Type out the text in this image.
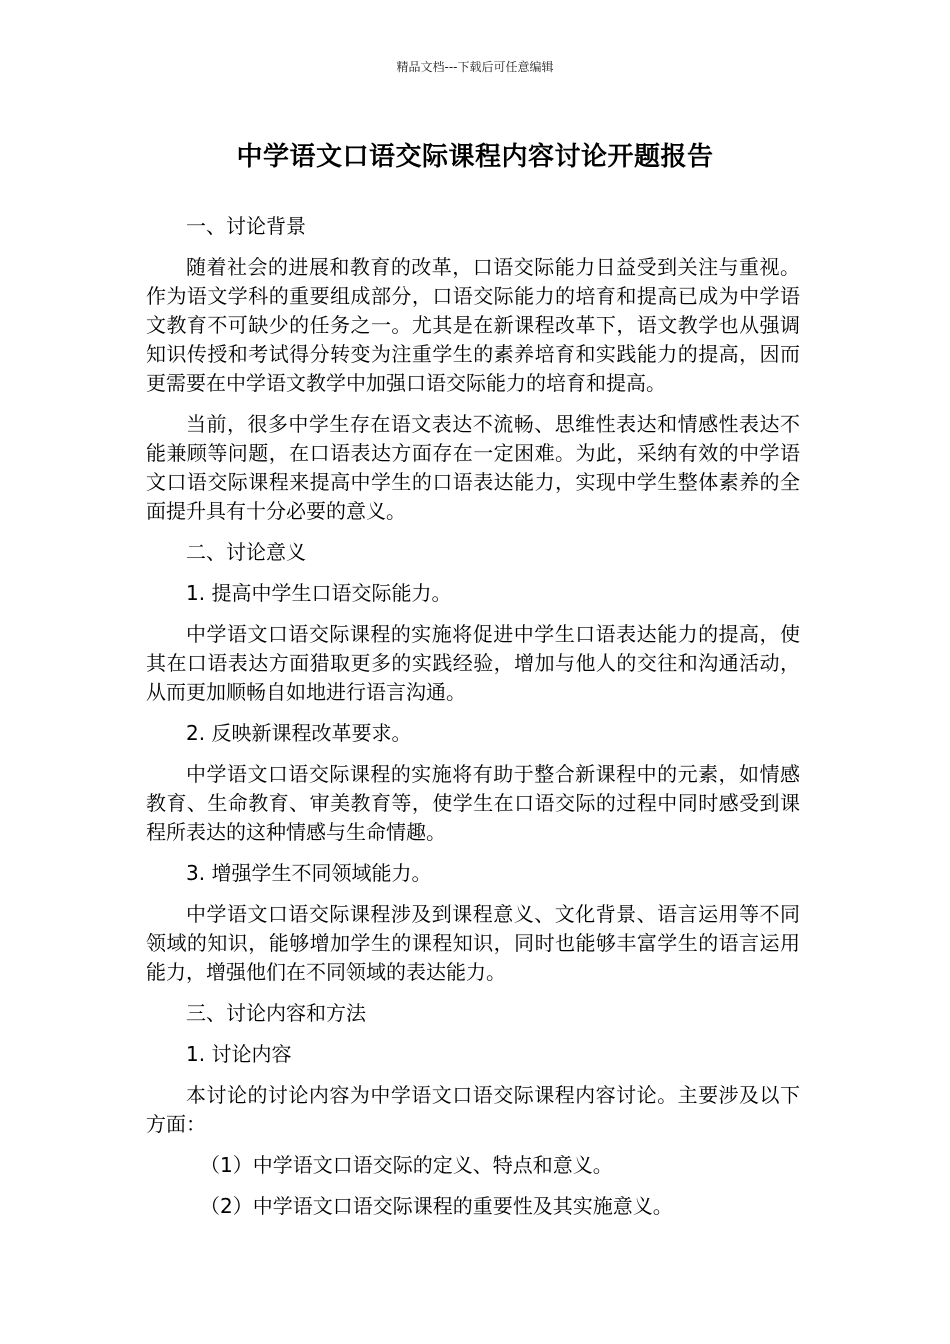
精品文档---下载后可任意编辑
中学语文口语交际课程内容讨论开题报告

一、讨论背景

随着社会的进展和教育的改革，口语交际能力日益受到关注与重视。作为语文学科的重要组成部分，口语交际能力的培育和提高已成为中学语文教育不可缺少的任务之一。尤其是在新课程改革下，语文教学也从强调知识传授和考试得分转变为注重学生的素养培育和实践能力的提高，因而更需要在中学语文教学中加强口语交际能力的培育和提高。

当前，很多中学生存在语文表达不流畅、思维性表达和情感性表达不能兼顾等问题，在口语表达方面存在一定困难。为此，采纳有效的中学语文口语交际课程来提高中学生的口语表达能力，实现中学生整体素养的全面提升具有十分必要的意义。

二、讨论意义

1. 提高中学生口语交际能力。

中学语文口语交际课程的实施将促进中学生口语表达能力的提高，使其在口语表达方面猎取更多的实践经验，增加与他人的交往和沟通活动，从而更加顺畅自如地进行语言沟通。

2. 反映新课程改革要求。

中学语文口语交际课程的实施将有助于整合新课程中的元素，如情感教育、生命教育、审美教育等，使学生在口语交际的过程中同时感受到课程所表达的这种情感与生命情趣。

3. 增强学生不同领域能力。

中学语文口语交际课程涉及到课程意义、文化背景、语言运用等不同领域的知识，能够增加学生的课程知识，同时也能够丰富学生的语言运用能力，增强他们在不同领域的表达能力。

三、讨论内容和方法

1. 讨论内容

本讨论的讨论内容为中学语文口语交际课程内容讨论。主要涉及以下方面：

（1）中学语文口语交际的定义、特点和意义。

（2）中学语文口语交际课程的重要性及其实施意义。
